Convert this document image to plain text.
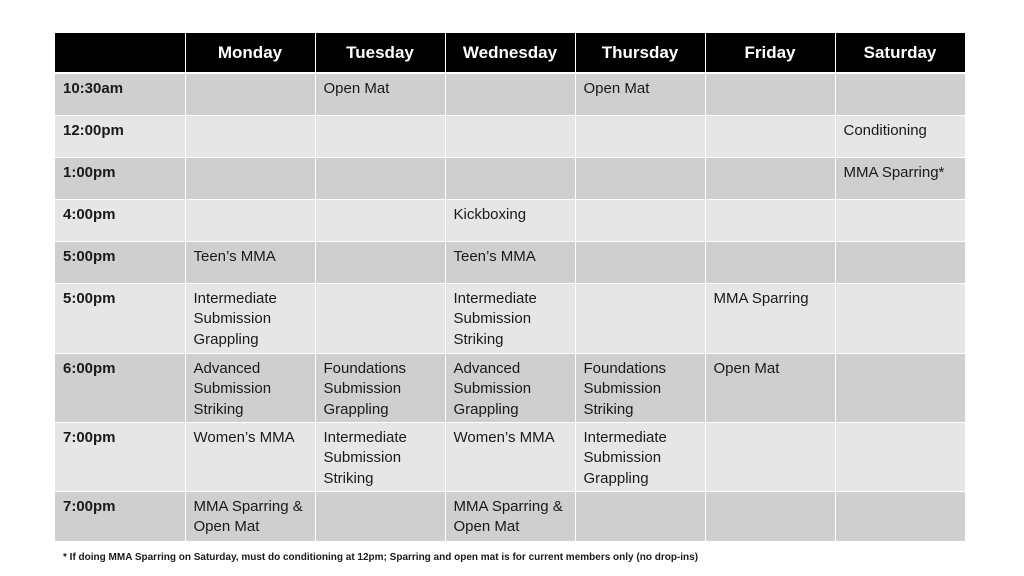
	Monday	Tuesday	Wednesday	Thursday	Friday	Saturday
10:30am		Open Mat		Open Mat		
12:00pm						Conditioning
1:00pm						MMA Sparring*
4:00pm			Kickboxing			
5:00pm	Teen’s MMA		Teen’s MMA			
5:00pm	Intermediate Submission Grappling		Intermediate Submission Striking		MMA Sparring	
6:00pm	Advanced Submission Striking	Foundations Submission Grappling	Advanced Submission Grappling	Foundations Submission Striking	Open Mat	
7:00pm	Women’s MMA	Intermediate Submission Striking	Women’s MMA	Intermediate Submission Grappling		
7:00pm	MMA Sparring & Open Mat		MMA Sparring & Open Mat			
* If doing MMA Sparring on Saturday, must do conditioning at 12pm; Sparring and open mat is for current members only (no drop-ins)
